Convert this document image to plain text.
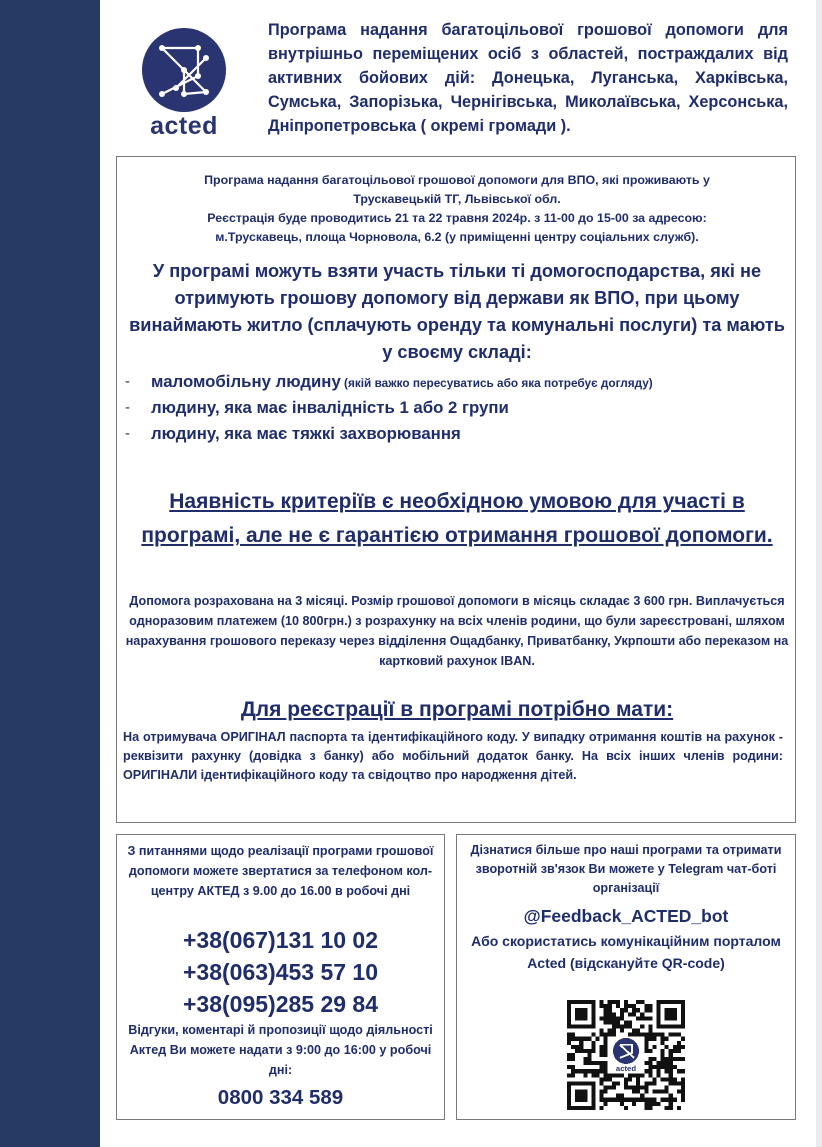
acted
Програма надання багатоцільової грошової допомоги для внутрішньо переміщених осіб з областей, постраждалих від активних бойових дій: Донецька, Луганська, Харківська, Сумська, Запорізька, Чернігівська, Миколаївська, Херсонська, Дніпропетровська ( окремі громади ).
Програма надання багатоцільової грошової допомоги для ВПО, які проживають у
Трускавецькій ТГ, Львівської обл.
Реєстрація буде проводитись 21 та 22 травня 2024р. з 11-00 до 15-00 за адресою:
м.Трускавець, площа Чорновола, 6.2 (у приміщенні центру соціальних служб).
У програмі можуть взяти участь тільки ті домогосподарства, які не отримують грошову допомогу від держави як ВПО, при цьому винаймають житло (сплачують оренду та комунальні послуги) та мають у своєму складі:
- маломобільну людину (якій важко пересуватись або яка потребує догляду)
- людину, яка має інвалідність 1 або 2 групи
- людину, яка має тяжкі захворювання
Наявність критеріїв є необхідною умовою для участі в програмі, але не є гарантією отримання грошової допомоги.
Допомога розрахована на 3 місяці. Розмір грошової допомоги в місяць складає 3 600 грн. Виплачується одноразовим платежем (10 800грн.) з розрахунку на всіх членів родини, що були зареєстровані, шляхом нарахування грошового переказу через відділення Ощадбанку, Приватбанку, Укрпошти або переказом на картковий рахунок IBAN.
Для реєстрації в програмі потрібно мати:
На отримувача ОРИГІНАЛ паспорта та ідентифікаційного коду. У випадку отримання коштів на рахунок - реквізити рахунку (довідка з банку) або мобільний додаток банку. На всіх інших членів родини: ОРИГІНАЛИ ідентифікаційного коду та свідоцтво про народження дітей.
З питаннями щодо реалізації програми грошової допомоги можете звертатися за телефоном кол-центру АКТЕД з 9.00 до 16.00 в робочі дні
+38(067)131 10 02
+38(063)453 57 10
+38(095)285 29 84
Відгуки, коментарі й пропозиції щодо діяльності Актед Ви можете надати з 9:00 до 16:00 у робочі дні:
0800 334 589
Дізнатися більше про наші програми та отримати зворотній зв'язок Ви можете у Telegram чат-боті організації
@Feedback_ACTED_bot
Або скористатись комунікаційним порталом Acted (відскануйте QR-code)
acted
